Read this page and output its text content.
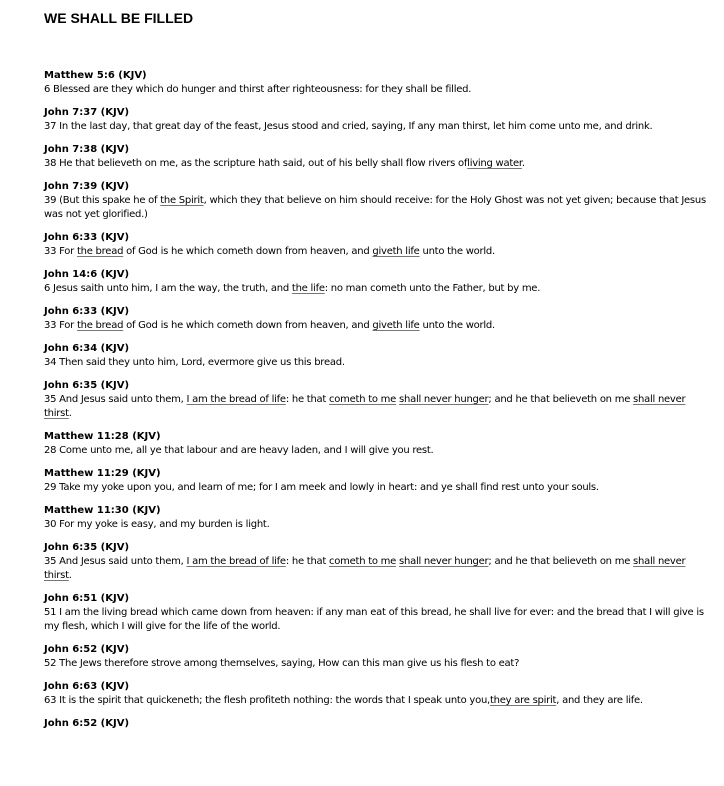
WE SHALL BE FILLED
Matthew 5:6 (KJV)
6 Blessed are they which do hunger and thirst after righteousness: for they shall be filled.
John 7:37 (KJV)
37 In the last day, that great day of the feast, Jesus stood and cried, saying, If any man thirst, let him come unto me, and drink.
John 7:38 (KJV)
38 He that believeth on me, as the scripture hath said, out of his belly shall flow rivers ofliving water.
John 7:39 (KJV)
39 (But this spake he of the Spirit, which they that believe on him should receive: for the Holy Ghost was not yet given; because that Jesus was not yet glorified.)
John 6:33 (KJV)
33 For the bread of God is he which cometh down from heaven, and giveth life unto the world.
John 14:6 (KJV)
6 Jesus saith unto him, I am the way, the truth, and the life: no man cometh unto the Father, but by me.
John 6:33 (KJV)
33 For the bread of God is he which cometh down from heaven, and giveth life unto the world.
John 6:34 (KJV)
34 Then said they unto him, Lord, evermore give us this bread.
John 6:35 (KJV)
35 And Jesus said unto them, I am the bread of life: he that cometh to me shall never hunger; and he that believeth on me shall never thirst.
Matthew 11:28 (KJV)
28 Come unto me, all ye that labour and are heavy laden, and I will give you rest.
Matthew 11:29 (KJV)
29 Take my yoke upon you, and learn of me; for I am meek and lowly in heart: and ye shall find rest unto your souls.
Matthew 11:30 (KJV)
30 For my yoke is easy, and my burden is light.
John 6:35 (KJV)
35 And Jesus said unto them, I am the bread of life: he that cometh to me shall never hunger; and he that believeth on me shall never thirst.
John 6:51 (KJV)
51 I am the living bread which came down from heaven: if any man eat of this bread, he shall live for ever: and the bread that I will give is my flesh, which I will give for the life of the world.
John 6:52 (KJV)
52 The Jews therefore strove among themselves, saying, How can this man give us his flesh to eat?
John 6:63 (KJV)
63 It is the spirit that quickeneth; the flesh profiteth nothing: the words that I speak unto you,they are spirit, and they are life.
John 6:52 (KJV)
